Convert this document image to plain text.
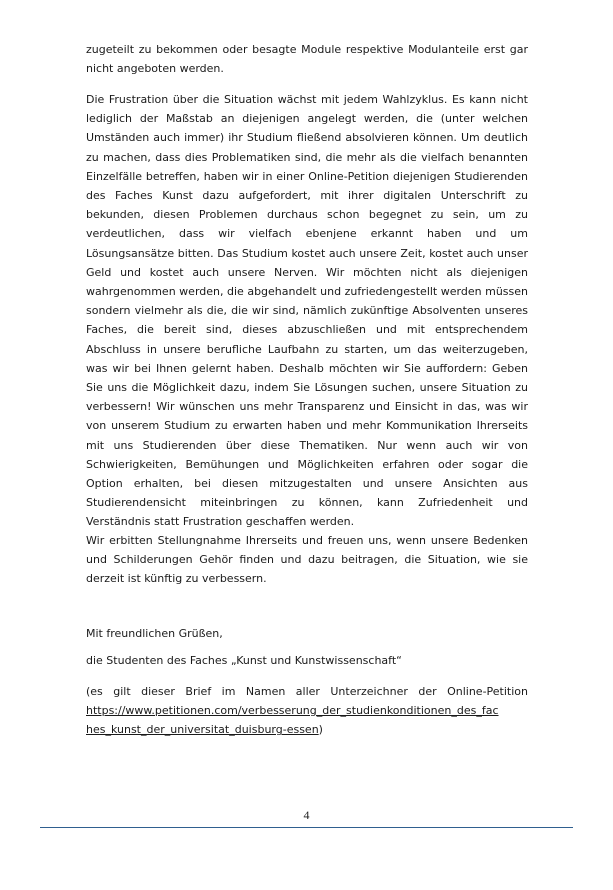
zugeteilt zu bekommen oder besagte Module respektive Modulanteile erst gar nicht angeboten werden.

Die Frustration über die Situation wächst mit jedem Wahlzyklus. Es kann nicht lediglich der Maßstab an diejenigen angelegt werden, die (unter welchen Umständen auch immer) ihr Studium fließend absolvieren können. Um deutlich zu machen, dass dies Problematiken sind, die mehr als die vielfach benannten Einzelfälle betreffen, haben wir in einer Online-Petition diejenigen Studierenden des Faches Kunst dazu aufgefordert, mit ihrer digitalen Unterschrift zu bekunden, diesen Problemen durchaus schon begegnet zu sein, um zu verdeutlichen, dass wir vielfach ebenjene erkannt haben und um Lösungsansätze bitten. Das Studium kostet auch unsere Zeit, kostet auch unser Geld und kostet auch unsere Nerven. Wir möchten nicht als diejenigen wahrgenommen werden, die abgehandelt und zufriedengestellt werden müssen sondern vielmehr als die, die wir sind, nämlich zukünftige Absolventen unseres Faches, die bereit sind, dieses abzuschließen und mit entsprechendem Abschluss in unsere berufliche Laufbahn zu starten, um das weiterzugeben, was wir bei Ihnen gelernt haben. Deshalb möchten wir Sie auffordern: Geben Sie uns die Möglichkeit dazu, indem Sie Lösungen suchen, unsere Situation zu verbessern! Wir wünschen uns mehr Transparenz und Einsicht in das, was wir von unserem Studium zu erwarten haben und mehr Kommunikation Ihrerseits mit uns Studierenden über diese Thematiken. Nur wenn auch wir von Schwierigkeiten, Bemühungen und Möglichkeiten erfahren oder sogar die Option erhalten, bei diesen mitzugestalten und unsere Ansichten aus Studierendensicht miteinbringen zu können, kann Zufriedenheit und Verständnis statt Frustration geschaffen werden.

Wir erbitten Stellungnahme Ihrerseits und freuen uns, wenn unsere Bedenken und Schilderungen Gehör finden und dazu beitragen, die Situation, wie sie derzeit ist künftig zu verbessern.

Mit freundlichen Grüßen,

die Studenten des Faches „Kunst und Kunstwissenschaft“

(es gilt dieser Brief im Namen aller Unterzeichner der Online-Petition https://www.petitionen.com/verbesserung_der_studienkonditionen_des_fac hes_kunst_der_universitat_duisburg-essen)

4
